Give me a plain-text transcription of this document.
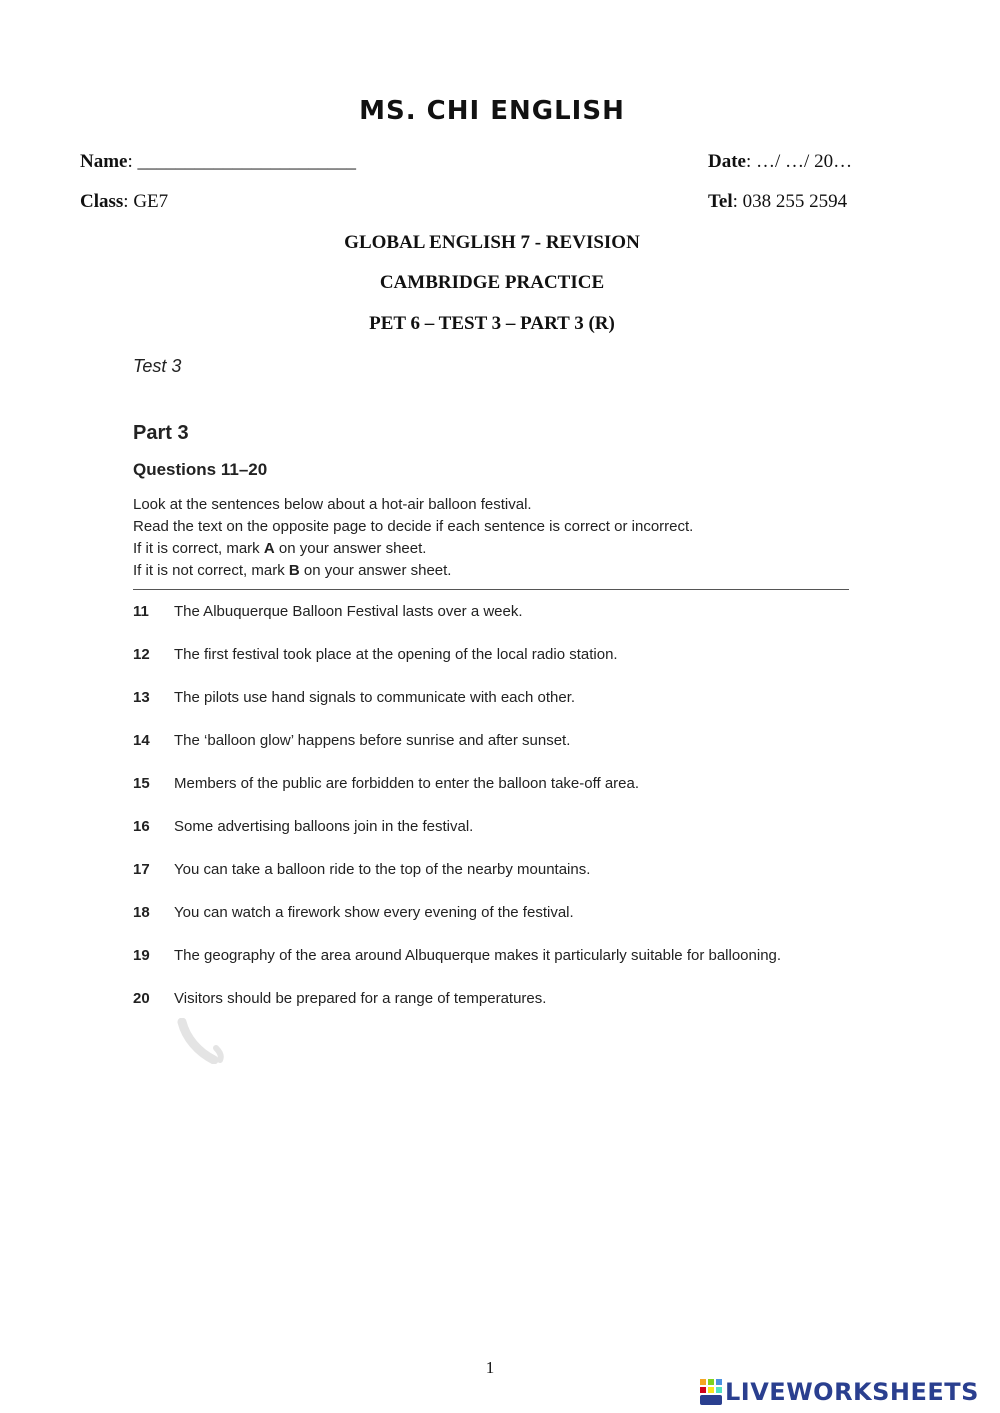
MS. CHI ENGLISH
Name: _______________________	Date: …/ …/ 20…
Class: GE7	Tel: 038 255 2594
GLOBAL ENGLISH 7 - REVISION
CAMBRIDGE PRACTICE
PET 6 – TEST 3 – PART 3 (R)
Test 3
Part 3
Questions 11–20
Look at the sentences below about a hot-air balloon festival.
Read the text on the opposite page to decide if each sentence is correct or incorrect.
If it is correct, mark A on your answer sheet.
If it is not correct, mark B on your answer sheet.
11	The Albuquerque Balloon Festival lasts over a week.
12	The first festival took place at the opening of the local radio station.
13	The pilots use hand signals to communicate with each other.
14	The ‘balloon glow’ happens before sunrise and after sunset.
15	Members of the public are forbidden to enter the balloon take-off area.
16	Some advertising balloons join in the festival.
17	You can take a balloon ride to the top of the nearby mountains.
18	You can watch a firework show every evening of the festival.
19	The geography of the area around Albuquerque makes it particularly suitable for ballooning.
20	Visitors should be prepared for a range of temperatures.
1
LIVEWORKSHEETS
